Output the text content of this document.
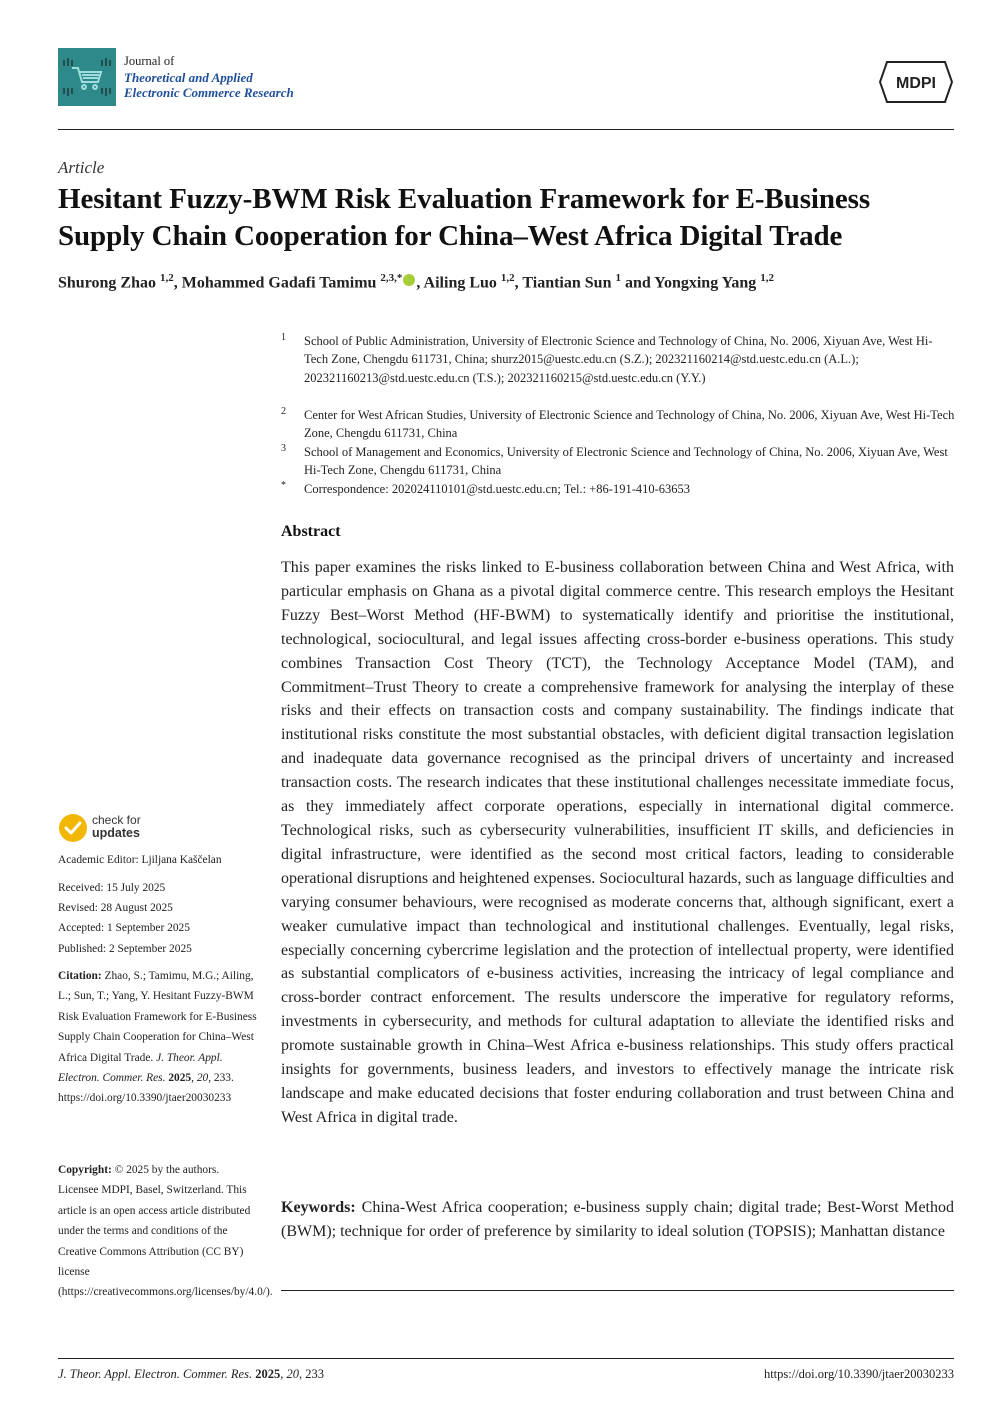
Journal of
Theoretical and Applied
Electronic Commerce Research
MDPI
Article
Hesitant Fuzzy-BWM Risk Evaluation Framework for E-Business Supply Chain Cooperation for China–West Africa Digital Trade
Shurong Zhao $^{1,2}$, Mohammed Gadafi Tamimu $^{2,3,*}$ , Ailing Luo $^{1,2}$, Tiantian Sun $^1$ and Yongxing Yang $^{1,2}$
1 School of Public Administration, University of Electronic Science and Technology of China, No. 2006, Xiyuan Ave, West Hi-Tech Zone, Chengdu 611731, China; shurz2015@uestc.edu.cn (S.Z.); 202321160214@std.uestc.edu.cn (A.L.); 202321160213@std.uestc.edu.cn (T.S.); 202321160215@std.uestc.edu.cn (Y.Y.)
2 Center for West African Studies, University of Electronic Science and Technology of China, No. 2006, Xiyuan Ave, West Hi-Tech Zone, Chengdu 611731, China
3 School of Management and Economics, University of Electronic Science and Technology of China, No. 2006, Xiyuan Ave, West Hi-Tech Zone, Chengdu 611731, China
* Correspondence: 202024110101@std.uestc.edu.cn; Tel.: +86-191-410-63653
Abstract
This paper examines the risks linked to E-business collaboration between China and West Africa, with particular emphasis on Ghana as a pivotal digital commerce centre. This research employs the Hesitant Fuzzy Best–Worst Method (HF-BWM) to systematically identify and prioritise the institutional, technological, sociocultural, and legal issues affecting cross-border e-business operations. This study combines Transaction Cost Theory (TCT), the Technology Acceptance Model (TAM), and Commitment–Trust Theory to create a comprehensive framework for analysing the interplay of these risks and their effects on transaction costs and company sustainability. The findings indicate that institutional risks constitute the most substantial obstacles, with deficient digital transaction legislation and inadequate data governance recognised as the principal drivers of uncertainty and increased transaction costs. The research indicates that these institutional challenges necessitate immediate focus, as they immediately affect corporate operations, especially in international digital commerce. Technological risks, such as cybersecurity vulnerabilities, insufficient IT skills, and deficiencies in digital infrastructure, were identified as the second most critical factors, leading to considerable operational disruptions and heightened expenses. Sociocultural hazards, such as language difficulties and varying consumer behaviours, were recognised as moderate concerns that, although significant, exert a weaker cumulative impact than technological and institutional challenges. Eventually, legal risks, especially concerning cybercrime legislation and the protection of intellectual property, were identified as substantial complicators of e-business activities, increasing the intricacy of legal compliance and cross-border contract enforcement. The results underscore the imperative for regulatory reforms, investments in cybersecurity, and methods for cultural adaptation to alleviate the identified risks and promote sustainable growth in China–West Africa e-business relationships. This study offers practical insights for governments, business leaders, and investors to effectively manage the intricate risk landscape and make educated decisions that foster enduring collaboration and trust between China and West Africa in digital trade.
Keywords: China-West Africa cooperation; e-business supply chain; digital trade; Best-Worst Method (BWM); technique for order of preference by similarity to ideal solution (TOPSIS); Manhattan distance
check for
updates
Academic Editor: Ljiljana Kaščelan
Received: 15 July 2025
Revised: 28 August 2025
Accepted: 1 September 2025
Published: 2 September 2025
Citation: Zhao, S.; Tamimu, M.G.; Ailing, L.; Sun, T.; Yang, Y. Hesitant Fuzzy-BWM Risk Evaluation Framework for E-Business Supply Chain Cooperation for China–West Africa Digital Trade. J. Theor. Appl. Electron. Commer. Res. 2025, 20, 233. https://doi.org/10.3390/jtaer20030233
Copyright: © 2025 by the authors. Licensee MDPI, Basel, Switzerland. This article is an open access article distributed under the terms and conditions of the Creative Commons Attribution (CC BY) license (https://creativecommons.org/licenses/by/4.0/).
J. Theor. Appl. Electron. Commer. Res. 2025, 20, 233	https://doi.org/10.3390/jtaer20030233
